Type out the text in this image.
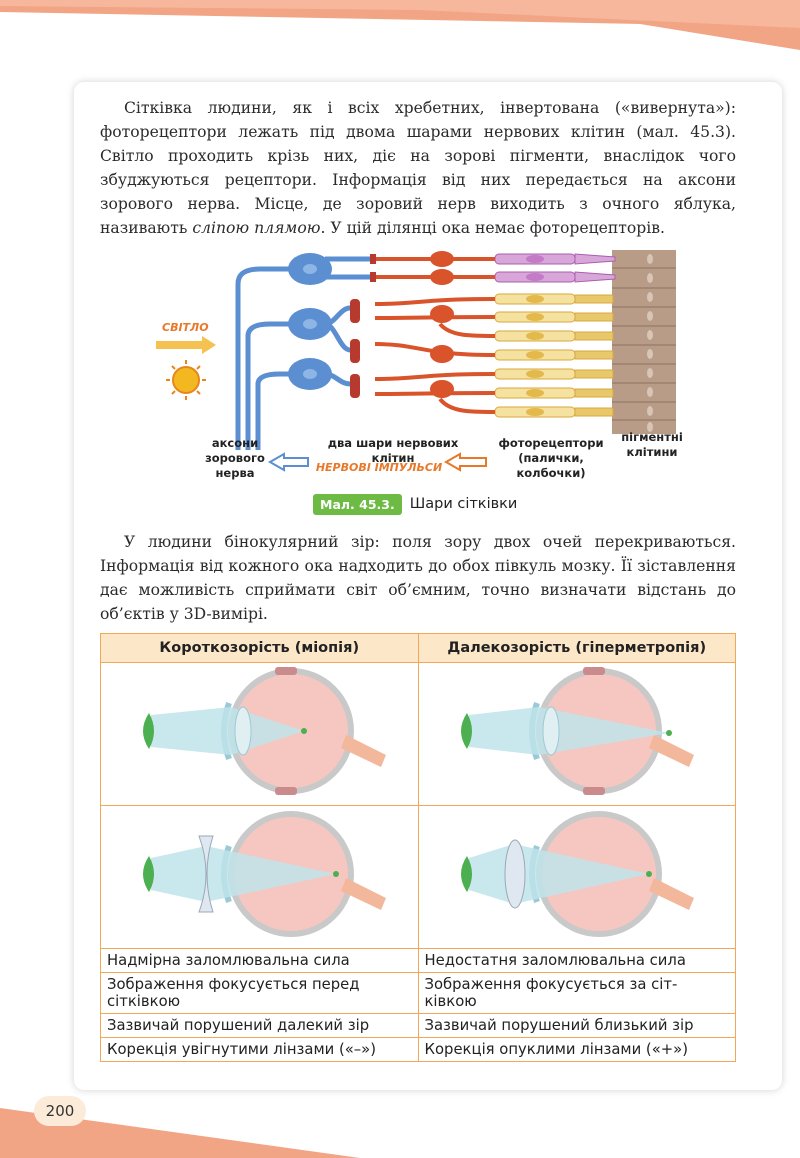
Сітківка людини, як і всіх хребетних, інвертована («вивернута»): фоторецептори лежать під двома шарами нервових клітин (мал. 45.3). Світло проходить крізь них, діє на зорові пігменти, внаслідок чого збуджуються рецептори. Інформація від них передається на аксони зорового нерва. Місце, де зоровий нерв виходить з очного яблука, називають сліпою плямою. У цій ділянці ока немає фоторецепторів.

СВІТЛО
аксони зорового
нерва
два шари нервових клітин
фоторецептори
(палички, колбочки)
пігментні
клітини
НЕРВОВІ ІМПУЛЬСИ
Мал. 45.3.	Шари сітківки

У людини бінокулярний зір: поля зору двох очей перекриваються. Інформація від кожного ока надходить до обох півкуль мозку. Її зіставлення дає можливість сприймати світ об’ємним, точно визначати відстань до об’єктів у 3D-вимірі.

Короткозорість (міопія)	Далекозорість (гіперметропія)

Надмірна заломлювальна сила	Недостатня заломлювальна сила
Зображення фокусується перед сітківкою	Зображення фокусується за сіт- ківкою
Зазвичай порушений далекий зір	Зазвичай порушений близький зір
Корекція увігнутими лінзами («–»)	Корекція опуклими лінзами («+»)
200
